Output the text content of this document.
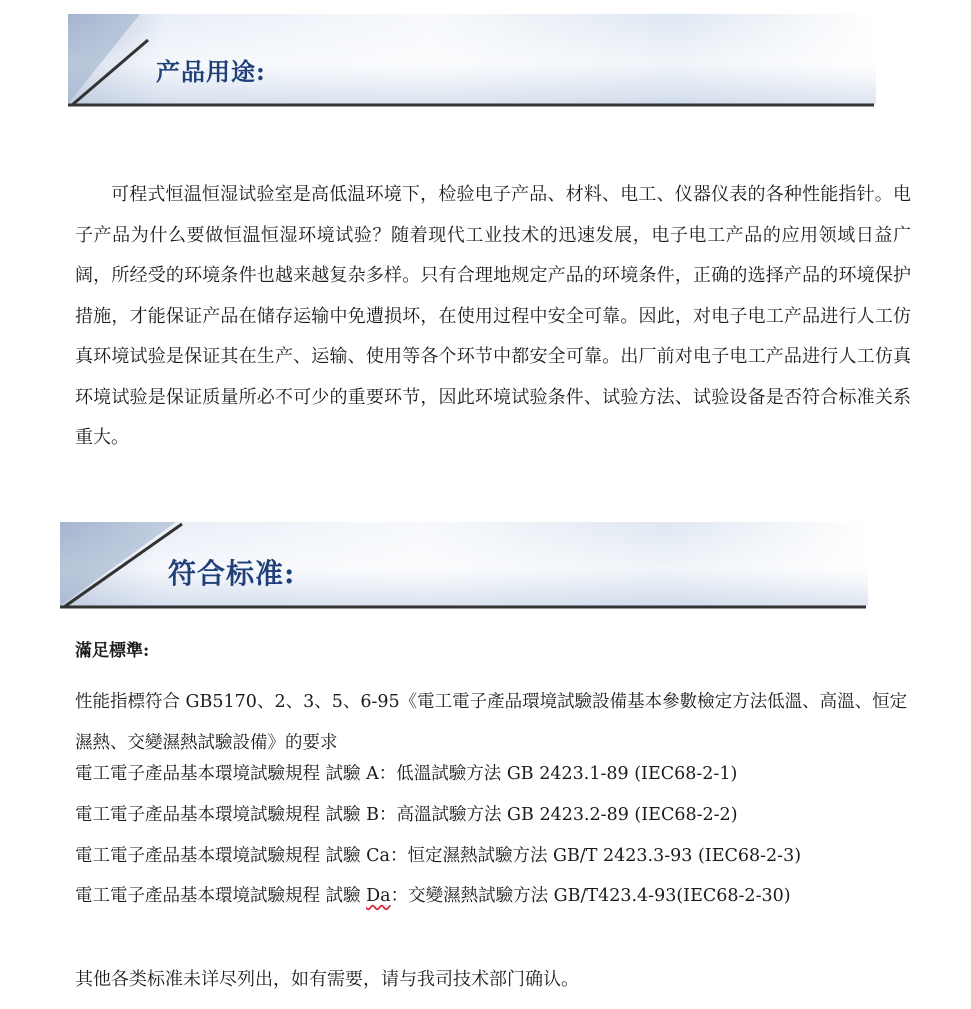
产品用途:

可程式恒温恒湿试验室是高低温环境下，检验电子产品、材料、电工、仪器仪表的各种性能指针。电子产品为什么要做恒温恒湿环境试验？随着现代工业技术的迅速发展，电子电工产品的应用领域日益广阔，所经受的环境条件也越来越复杂多样。只有合理地规定产品的环境条件，正确的选择产品的环境保护措施，才能保证产品在储存运输中免遭损坏，在使用过程中安全可靠。因此，对电子电工产品进行人工仿真环境试验是保证其在生产、运输、使用等各个环节中都安全可靠。出厂前对电子电工产品进行人工仿真环境试验是保证质量所必不可少的重要环节，因此环境试验条件、试验方法、试验设备是否符合标准关系重大。

符合标准:

滿足標準:

性能指標符合 GB5170、2、3、5、6-95《電工電子產品環境試驗設備基本參數檢定方法低溫、高溫、恒定濕熱、交變濕熱試驗設備》的要求

電工電子產品基本環境試驗規程 試驗 A：低溫試驗方法 GB 2423.1-89 (IEC68-2-1)

電工電子產品基本環境試驗規程 試驗 B：高溫試驗方法 GB 2423.2-89 (IEC68-2-2)

電工電子產品基本環境試驗規程 試驗 Ca：恒定濕熱試驗方法 GB/T 2423.3-93 (IEC68-2-3)

電工電子產品基本環境試驗規程 試驗 Da：交變濕熱試驗方法 GB/T423.4-93(IEC68-2-30)

其他各类标准未详尽列出，如有需要，请与我司技术部门确认。
